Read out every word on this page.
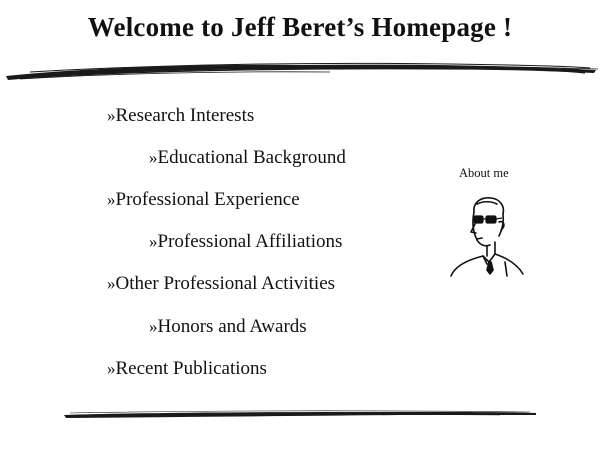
Welcome to Jeff Beret’s Homepage !
»Research Interests
»Educational Background
»Professional Experience
»Professional Affiliations
»Other Professional Activities
»Honors and Awards
»Recent Publications
About me
